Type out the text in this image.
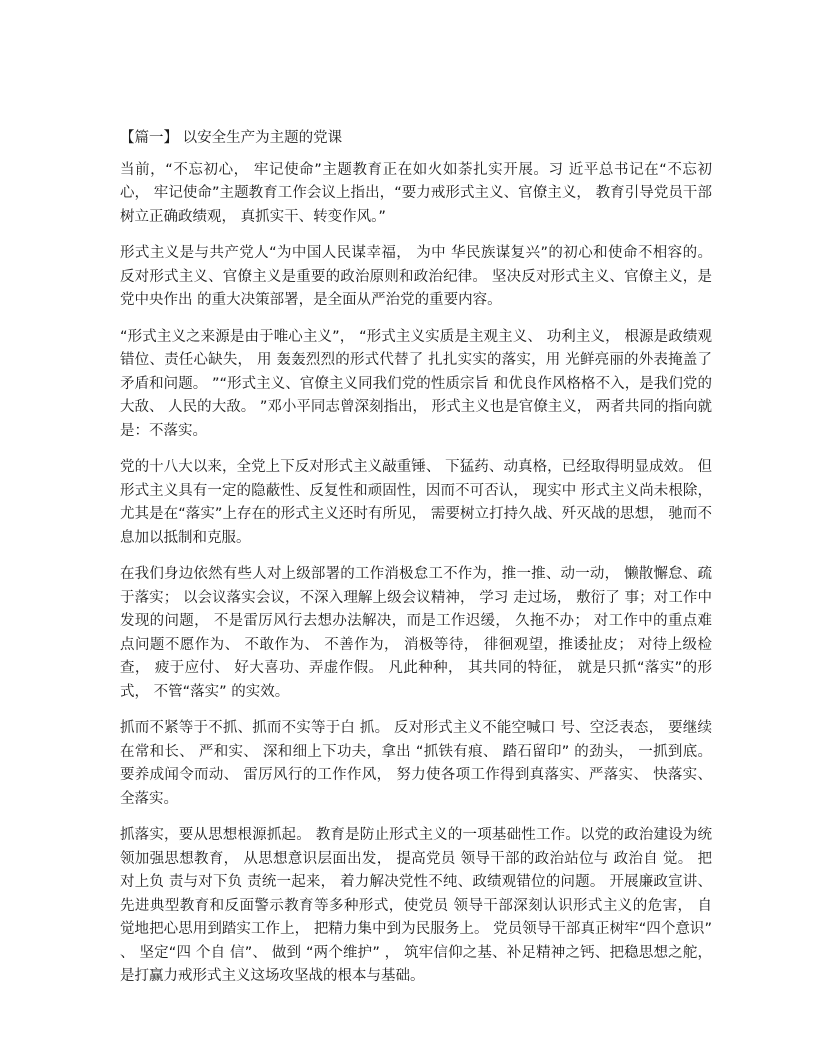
【篇一】 以安全生产为主题的党课

当前，“不忘初心， 牢记使命”主题教育正在如火如荼扎实开展。习 近平总书记在“不忘初心， 牢记使命”主题教育工作会议上指出，“要力戒形式主义、官僚主义， 教育引导党员干部树立正确政绩观， 真抓实干、转变作风。”

形式主义是与共产党人“为中国人民谋幸福， 为中 华民族谋复兴”的初心和使命不相容的。 反对形式主义、官僚主义是重要的政治原则和政治纪律。 坚决反对形式主义、官僚主义，是党中央作出 的重大决策部署，是全面从严治党的重要内容。

“形式主义之来源是由于唯心主义”， “形式主义实质是主观主义、 功利主义， 根源是政绩观错位、责任心缺失， 用 轰轰烈烈的形式代替了 扎扎实实的落实，用 光鲜亮丽的外表掩盖了 矛盾和问题。 ”“形式主义、官僚主义同我们党的性质宗旨 和优良作风格格不入，是我们党的大敌、 人民的大敌。 ”邓小平同志曾深刻指出， 形式主义也是官僚主义， 两者共同的指向就是：不落实。

党的十八大以来，全党上下反对形式主义敲重锤、 下猛药、动真格，已经取得明显成效。 但形式主义具有一定的隐蔽性、反复性和顽固性，因而不可否认， 现实中 形式主义尚未根除，尤其是在“落实”上存在的形式主义还时有所见， 需要树立打持久战、歼灭战的思想， 驰而不息加以抵制和克服。

在我们身边依然有些人对上级部署的工作消极怠工不作为，推一推、动一动， 懒散懈怠、疏于落实； 以会议落实会议，不深入理解上级会议精神， 学习 走过场， 敷衍了 事；对工作中发现的问题， 不是雷厉风行去想办法解决，而是工作迟缓， 久拖不办； 对工作中的重点难点问题不愿作为、 不敢作为、 不善作为， 消极等待， 徘徊观望，推诿扯皮； 对待上级检查， 疲于应付、 好大喜功、弄虚作假。 凡此种种， 其共同的特征， 就是只抓“落实”的形式， 不管“落实” 的实效。

抓而不紧等于不抓、抓而不实等于白 抓。 反对形式主义不能空喊口 号、空泛表态， 要继续在常和长、 严和实、 深和细上下功夫，拿出 “抓铁有痕、 踏石留印” 的劲头， 一抓到底。 要养成闻令而动、 雷厉风行的工作作风， 努力使各项工作得到真落实、严落实、 快落实、全落实。

抓落实，要从思想根源抓起。 教育是防止形式主义的一项基础性工作。以党的政治建设为统领加强思想教育， 从思想意识层面出发， 提高党员 领导干部的政治站位与 政治自 觉。 把对上负 责与对下负 责统一起来， 着力解决党性不纯、政绩观错位的问题。 开展廉政宣讲、 先进典型教育和反面警示教育等多种形式，使党员 领导干部深刻认识形式主义的危害， 自 觉地把心思用到踏实工作上， 把精力集中到为民服务上。 党员领导干部真正树牢“四个意识” 、 坚定“四 个自 信”、 做到 “两个维护” ， 筑牢信仰之基、补足精神之钙、把稳思想之舵， 是打赢力戒形式主义这场攻坚战的根本与基础。
